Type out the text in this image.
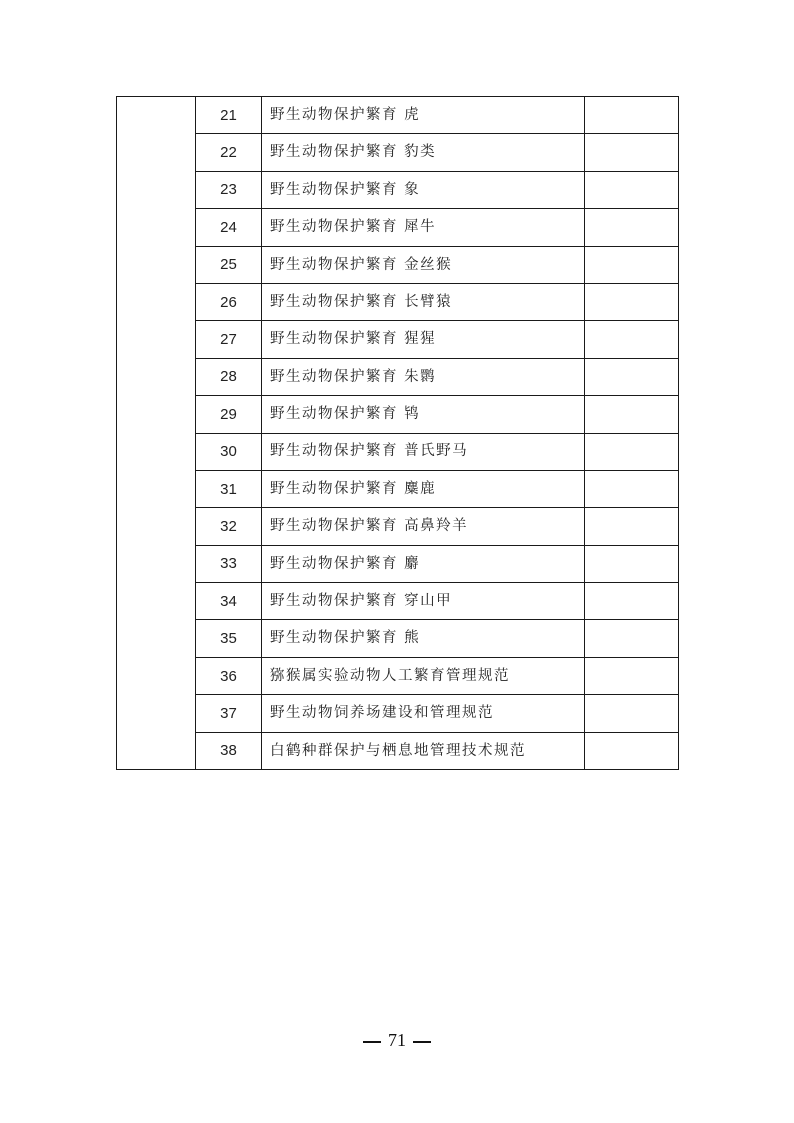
	21	野生动物保护繁育 虎	
	22	野生动物保护繁育 豹类	
	23	野生动物保护繁育 象	
	24	野生动物保护繁育 犀牛	
	25	野生动物保护繁育 金丝猴	
	26	野生动物保护繁育 长臂猿	
	27	野生动物保护繁育 猩猩	
	28	野生动物保护繁育 朱鹮	
	29	野生动物保护繁育 鸨	
	30	野生动物保护繁育 普氏野马	
	31	野生动物保护繁育 麋鹿	
	32	野生动物保护繁育 高鼻羚羊	
	33	野生动物保护繁育 麝	
	34	野生动物保护繁育 穿山甲	
	35	野生动物保护繁育 熊	
	36	猕猴属实验动物人工繁育管理规范	
	37	野生动物饲养场建设和管理规范	
	38	白鹤种群保护与栖息地管理技术规范	
71
